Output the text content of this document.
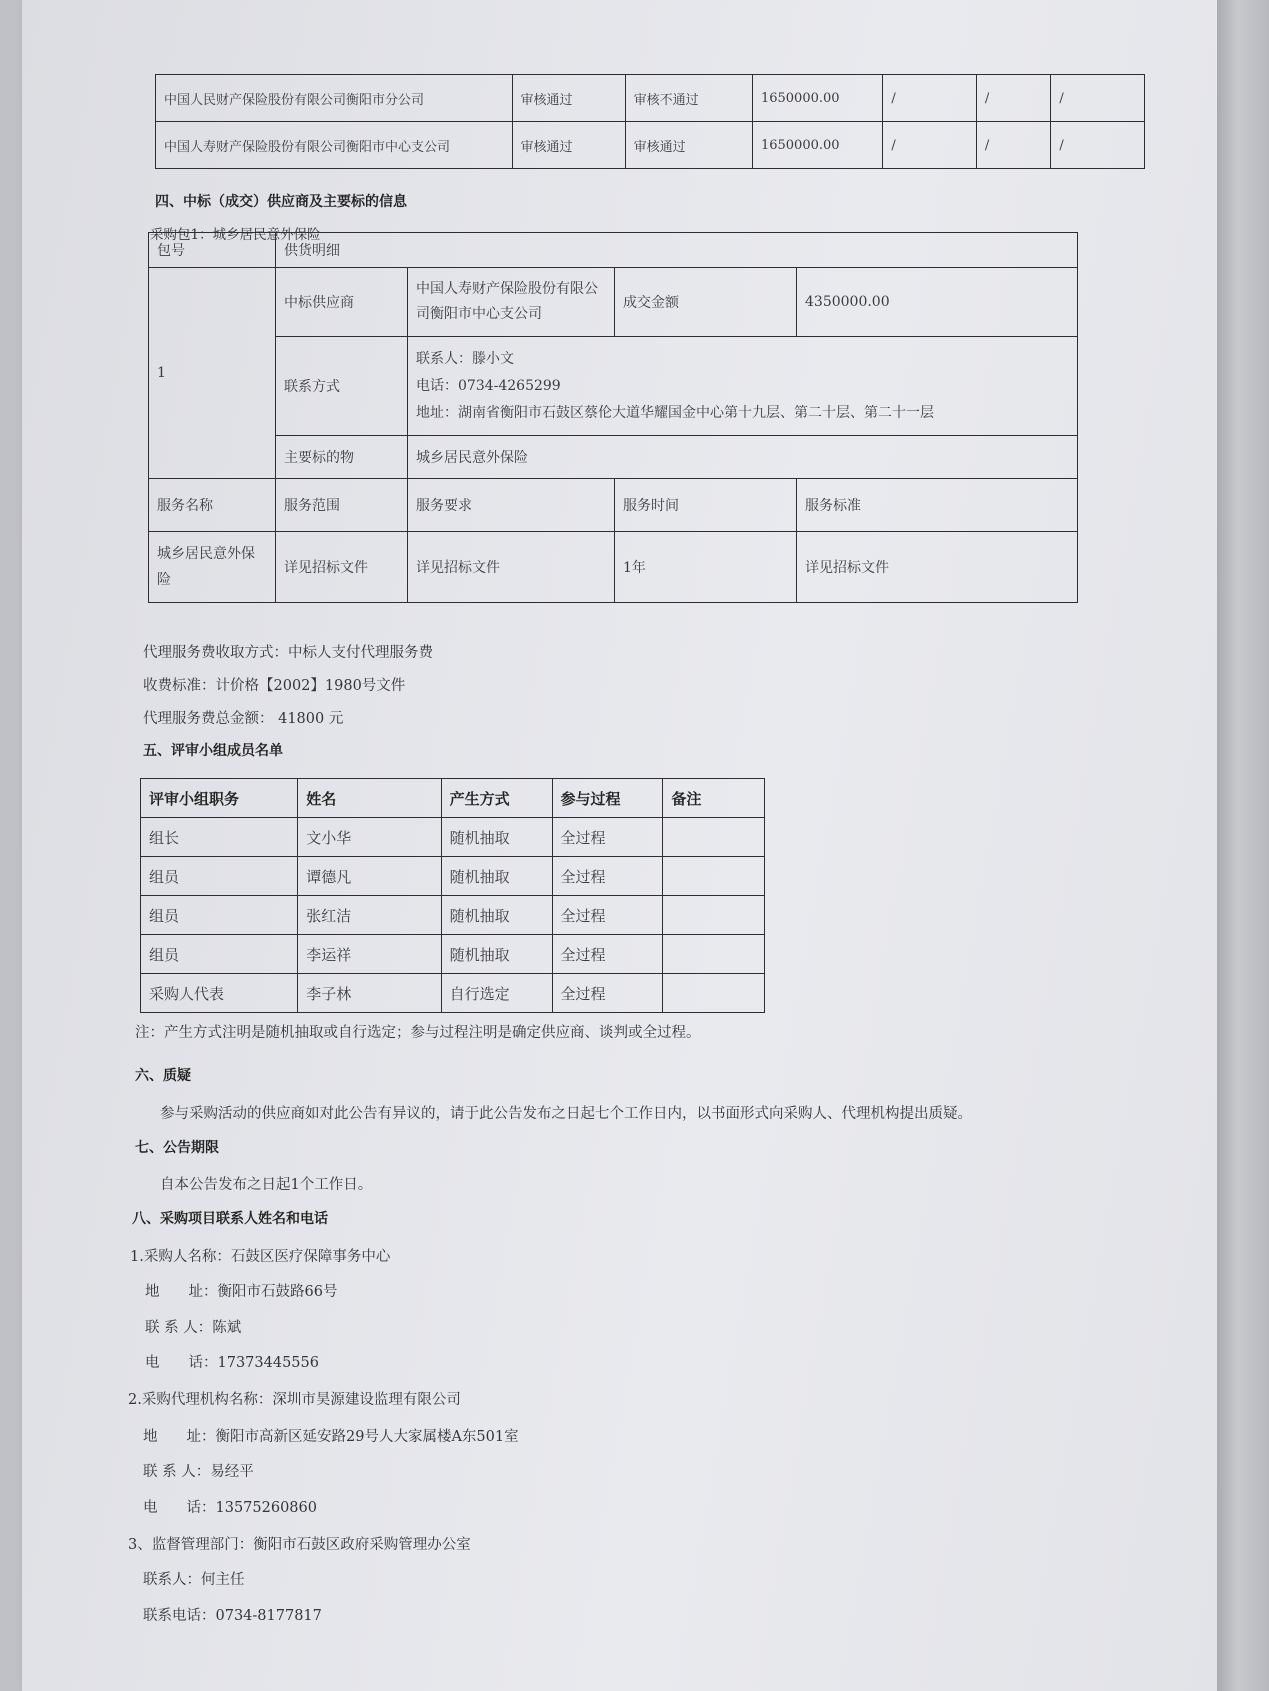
中国人民财产保险股份有限公司衡阳市分公司	审核通过	审核不通过	1650000.00	/	/	/
中国人寿财产保险股份有限公司衡阳市中心支公司	审核通过	审核通过	1650000.00	/	/	/
四、中标（成交）供应商及主要标的信息
采购包1：城乡居民意外保险
包号	供货明细			
1	中标供应商	中国人寿财产保险股份有限公司衡阳市中心支公司	成交金额	4350000.00
	联系方式	联系人：滕小文
电话：0734-4265299
地址：湖南省衡阳市石鼓区蔡伦大道华耀国金中心第十九层、第二十层、第二十一层		

	主要标的物	城乡居民意外保险		
服务名称	服务范围	服务要求	服务时间	服务标准
城乡居民意外保险	详见招标文件	详见招标文件	1年	详见招标文件
代理服务费收取方式：中标人支付代理服务费
收费标准：计价格【2002】1980号文件
代理服务费总金额： 41800 元
五、评审小组成员名单
评审小组职务	姓名	产生方式	参与过程	备注
组长	文小华	随机抽取	全过程	
组员	谭德凡	随机抽取	全过程	
组员	张红洁	随机抽取	全过程	
组员	李运祥	随机抽取	全过程	
采购人代表	李子林	自行选定	全过程	
注：产生方式注明是随机抽取或自行选定；参与过程注明是确定供应商、谈判或全过程。
六、质疑
参与采购活动的供应商如对此公告有异议的，请于此公告发布之日起七个工作日内，以书面形式向采购人、代理机构提出质疑。
七、公告期限
自本公告发布之日起1个工作日。
八、采购项目联系人姓名和电话
1.采购人名称：石鼓区医疗保障事务中心
地　　址：衡阳市石鼓路66号
联 系 人：陈斌
电　　话：17373445556
2.采购代理机构名称：深圳市昊源建设监理有限公司
地　　址：衡阳市高新区延安路29号人大家属楼A东501室
联 系 人：易经平
电　　话：13575260860
3、监督管理部门：衡阳市石鼓区政府采购管理办公室
联系人：何主任
联系电话：0734-8177817
